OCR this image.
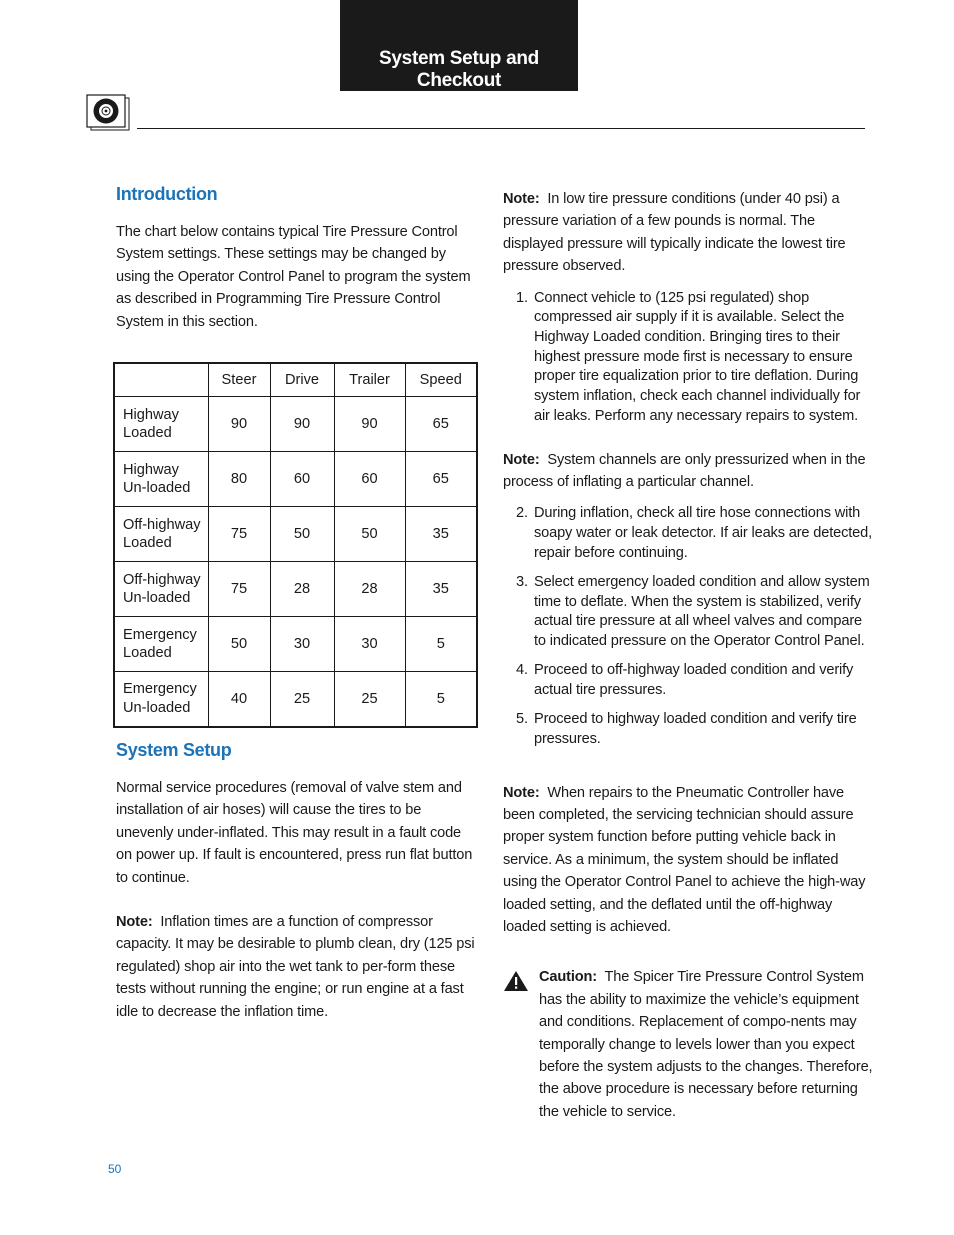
System Setup and Checkout
Introduction

The chart below contains typical Tire Pressure Control System settings. These settings may be changed by using the Operator Control Panel to program the system as described in Programming Tire Pressure Control System in this section.

	Steer	Drive	Trailer	Speed
Highway
Loaded	90	90	90	65
Highway
Un-loaded	80	60	60	65
Off-highway
Loaded	75	50	50	35
Off-highway
Un-loaded	75	28	28	35
Emergency
Loaded	50	30	30	5
Emergency
Un-loaded	40	25	25	5
System Setup

Normal service procedures (removal of valve stem and installation of air hoses) will cause the tires to be unevenly under-inflated. This may result in a fault code on power up. If fault is encountered, press run flat button to continue.

Note: Inflation times are a function of compressor capacity. It may be desirable to plumb clean, dry (125 psi regulated) shop air into the wet tank to per-form these tests without running the engine; or run engine at a fast idle to decrease the inflation time.

Note: In low tire pressure conditions (under 40 psi) a pressure variation of a few pounds is normal. The displayed pressure will typically indicate the lowest tire pressure observed.

1. Connect vehicle to (125 psi regulated) shop compressed air supply if it is available. Select the Highway Loaded condition. Bringing tires to their highest pressure mode first is necessary to ensure proper tire equalization prior to tire deflation. During system inflation, check each channel individually for air leaks. Perform any necessary repairs to system.

Note: System channels are only pressurized when in the process of inflating a particular channel.

2. During inflation, check all tire hose connections with soapy water or leak detector. If air leaks are detected, repair before continuing.
3. Select emergency loaded condition and allow system time to deflate. When the system is stabilized, verify actual tire pressure at all wheel valves and compare to indicated pressure on the Operator Control Panel.
4. Proceed to off-highway loaded condition and verify actual tire pressures.
5. Proceed to highway loaded condition and verify tire pressures.

Note: When repairs to the Pneumatic Controller have been completed, the servicing technician should assure proper system function before putting vehicle back in service. As a minimum, the system should be inflated using the Operator Control Panel to achieve the high-way loaded setting, and the deflated until the off-highway loaded setting is achieved.

Caution: The Spicer Tire Pressure Control System has the ability to maximize the vehicle’s equipment and conditions. Replacement of compo-nents may temporally change to levels lower than you expect before the system adjusts to the changes. Therefore, the above procedure is necessary before returning the vehicle to service.

50
